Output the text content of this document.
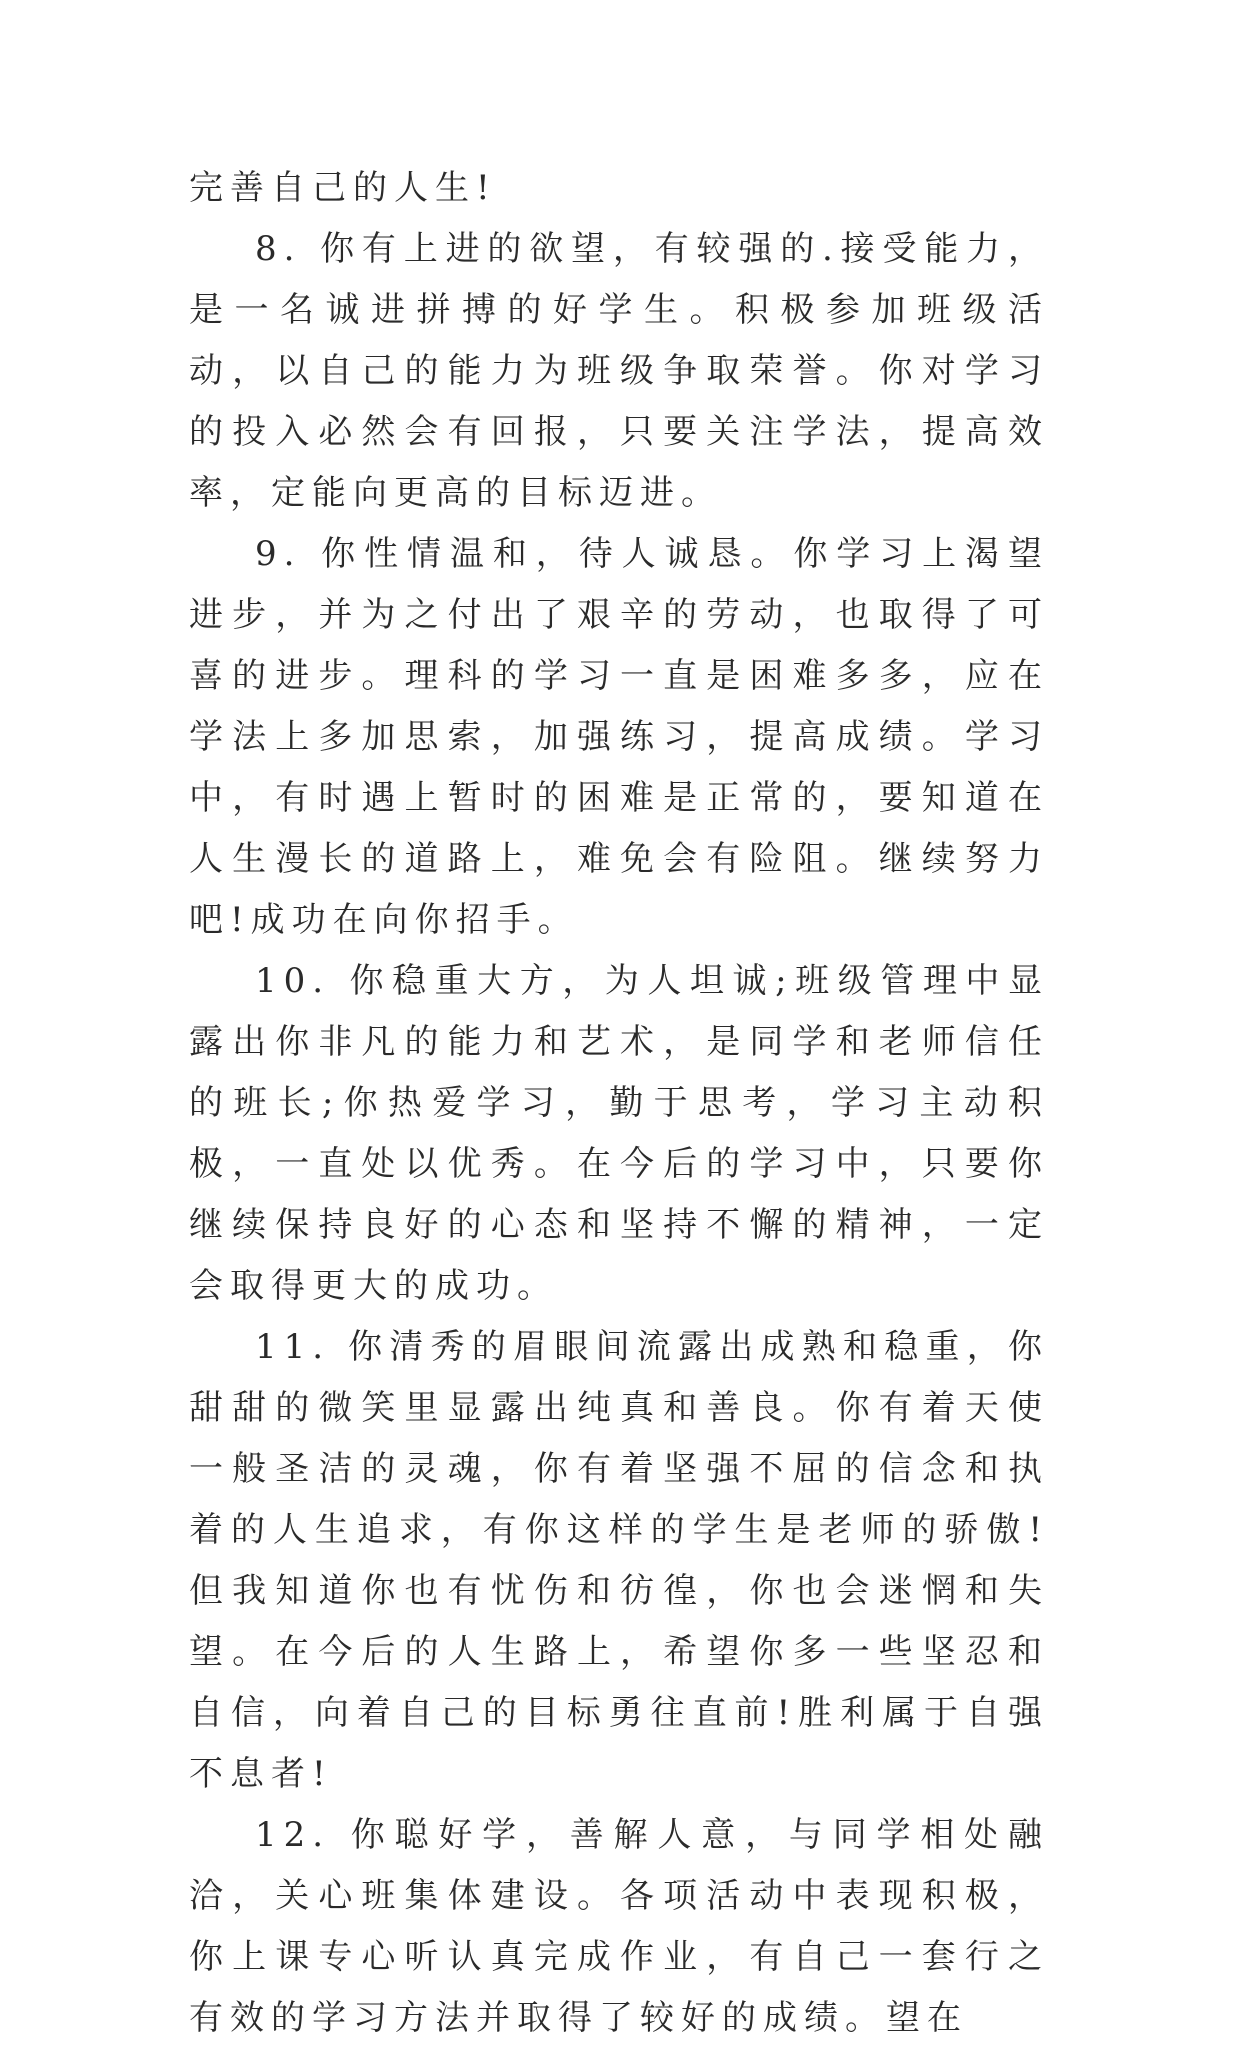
完善自己的人生!

8. 你有上进的欲望，有较强的.接受能力，是一名诚进拼搏的好学生。积极参加班级活动，以自己的能力为班级争取荣誉。你对学习的投入必然会有回报，只要关注学法，提高效率，定能向更高的目标迈进。

9. 你性情温和，待人诚恳。你学习上渴望进步，并为之付出了艰辛的劳动，也取得了可喜的进步。理科的学习一直是困难多多，应在学法上多加思索，加强练习，提高成绩。学习中，有时遇上暂时的困难是正常的，要知道在人生漫长的道路上，难免会有险阻。继续努力吧!成功在向你招手。

10. 你稳重大方，为人坦诚;班级管理中显露出你非凡的能力和艺术，是同学和老师信任的班长;你热爱学习，勤于思考，学习主动积极，一直处以优秀。在今后的学习中，只要你继续保持良好的心态和坚持不懈的精神，一定会取得更大的成功。

11. 你清秀的眉眼间流露出成熟和稳重，你甜甜的微笑里显露出纯真和善良。你有着天使一般圣洁的灵魂，你有着坚强不屈的信念和执着的人生追求，有你这样的学生是老师的骄傲!但我知道你也有忧伤和彷徨，你也会迷惘和失望。在今后的人生路上，希望你多一些坚忍和自信，向着自己的目标勇往直前!胜利属于自强不息者!

12. 你聪好学，善解人意，与同学相处融洽，关心班集体建设。各项活动中表现积极，你上课专心听认真完成作业，有自己一套行之有效的学习方法并取得了较好的成绩。望在
